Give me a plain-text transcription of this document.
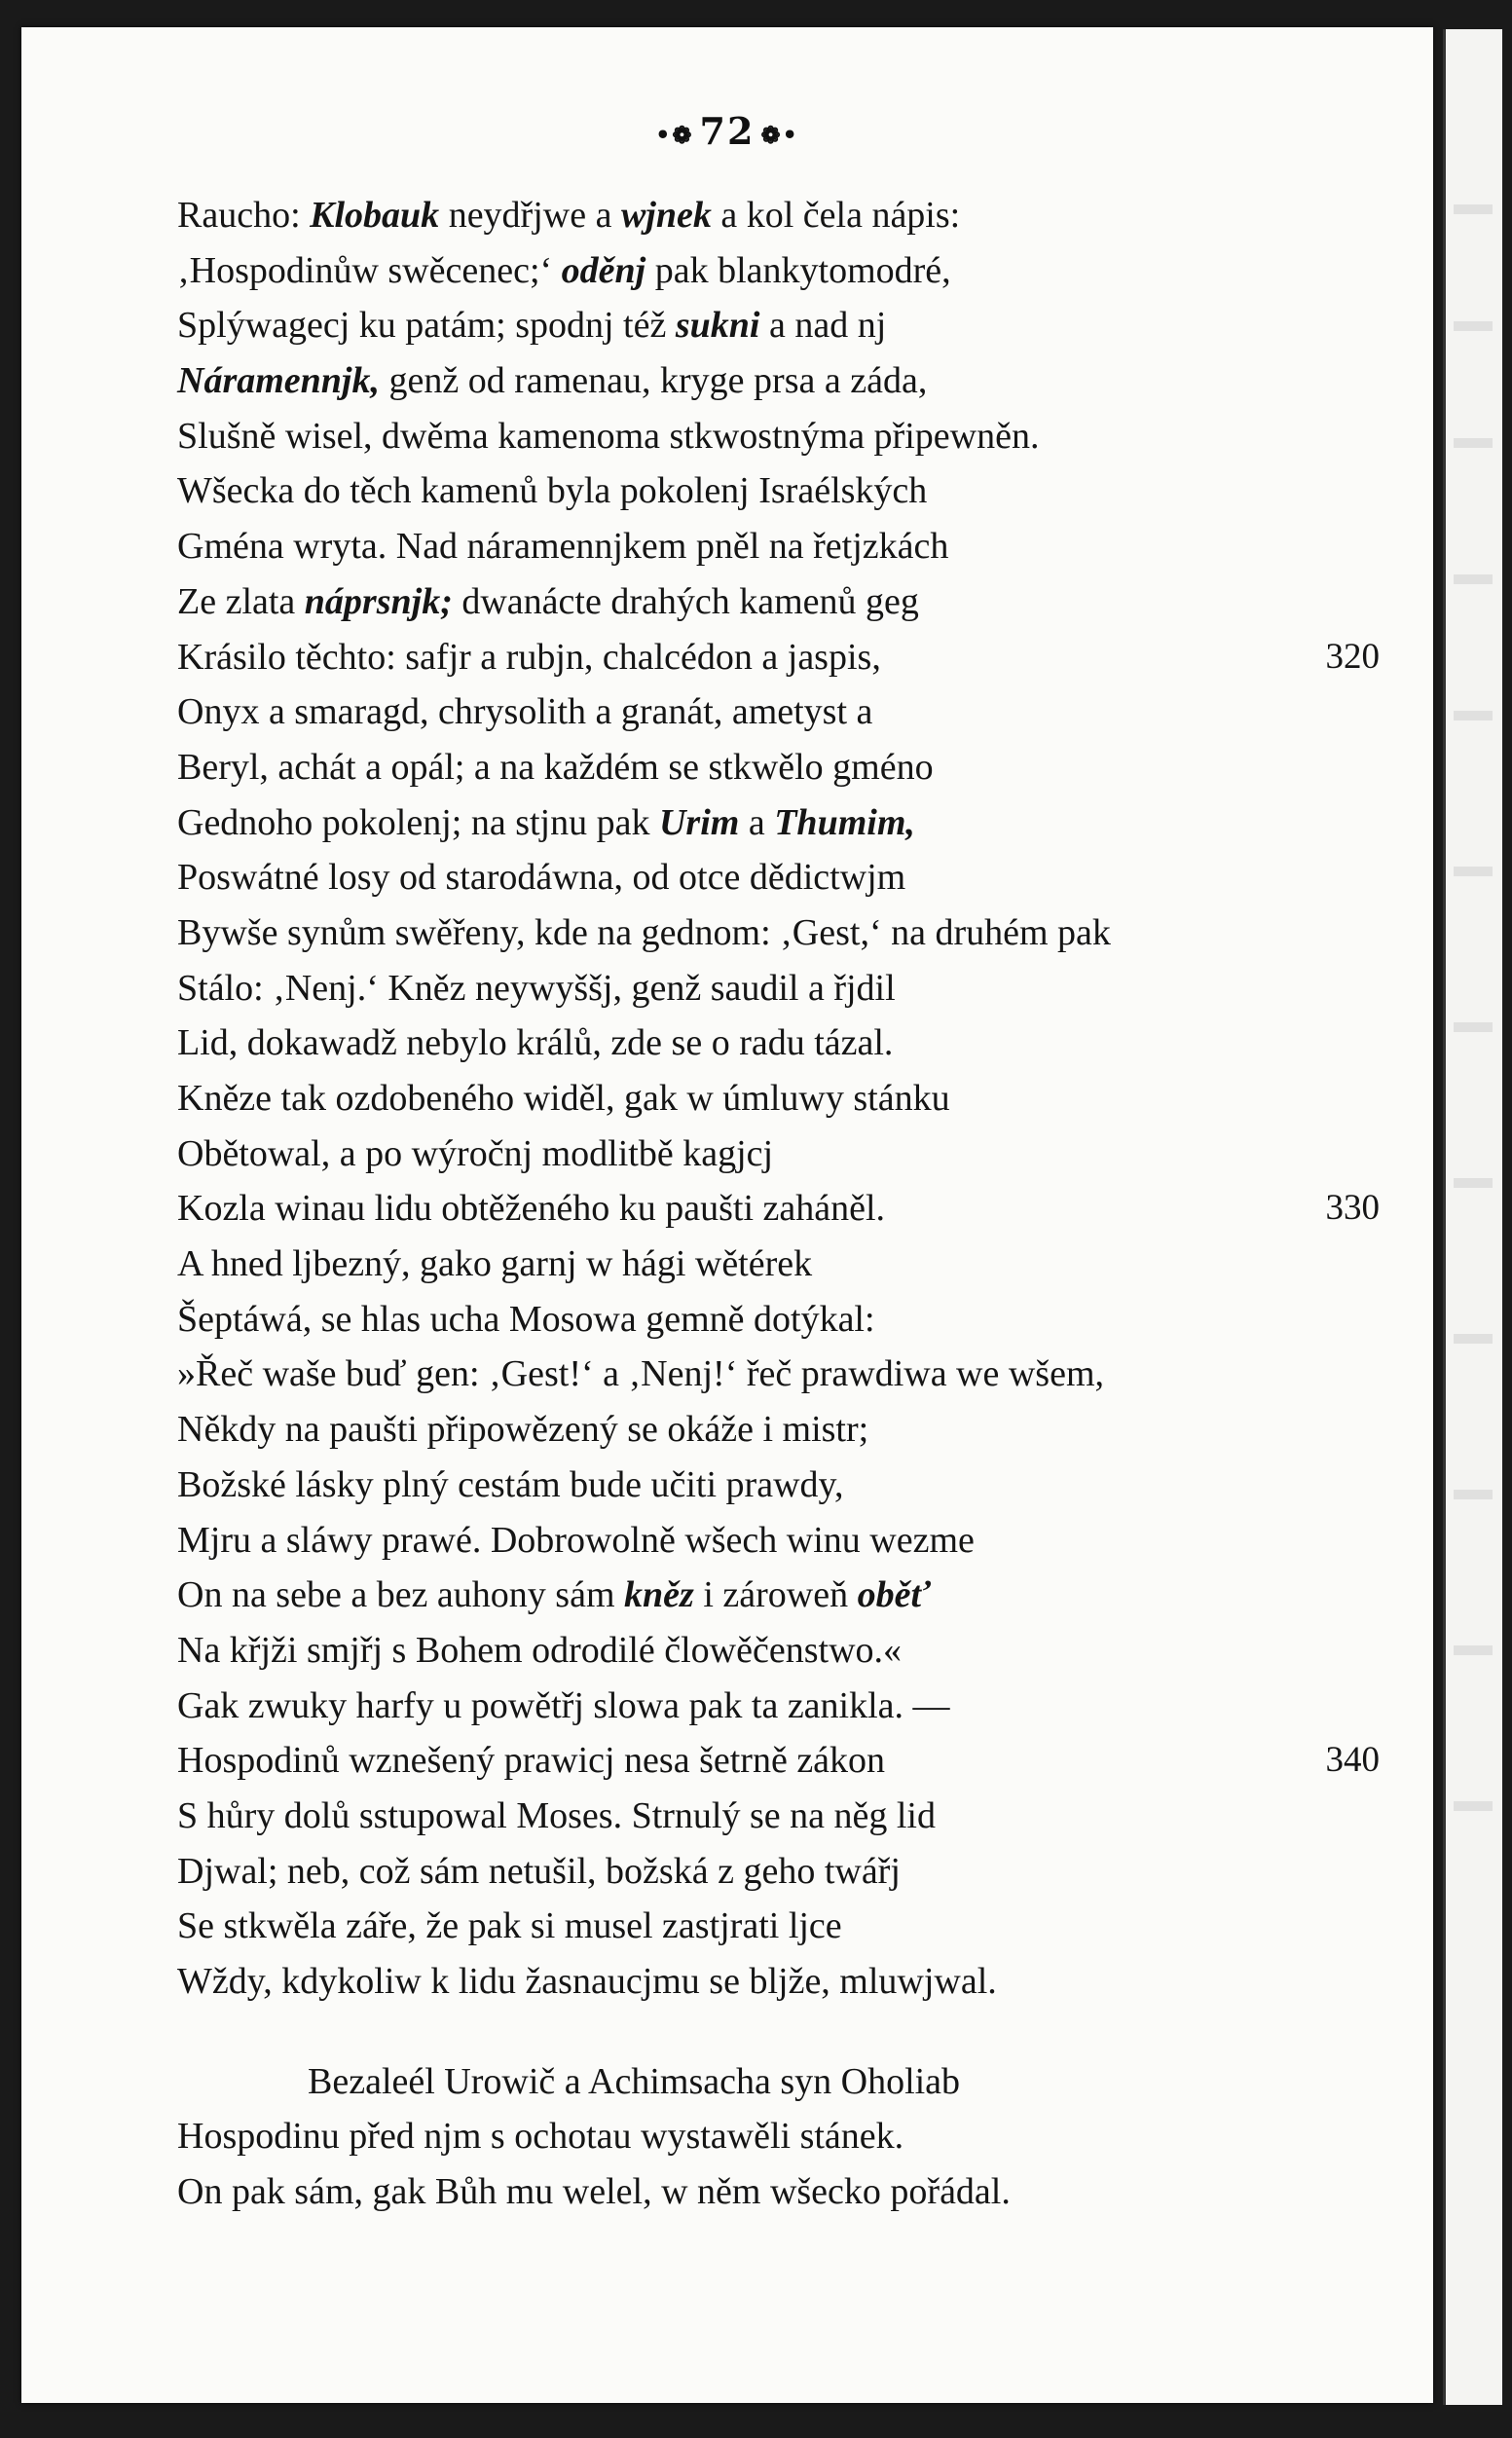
•❁ 72 ❁•
Raucho: Klobauk neydřjwe a wjnek a kol čela nápis:
‚Hospodinůw swěcenec;‘ oděnj pak blankytomodré,
Splýwagecj ku patám; spodnj též sukni a nad nj
Náramennjk, genž od ramenau, kryge prsa a záda,
Slušně wisel, dwěma kamenoma stkwostnýma připewněn.
Wšecka do těch kamenů byla pokolenj Israélských
Gména wryta. Nad náramennjkem pněl na řetjzkách
Ze zlata náprsnjk; dwanácte drahých kamenů geg
Krásilo těchto: safjr a rubjn, chalcédon a jaspis,	320
Onyx a smaragd, chrysolith a granát, ametyst a
Beryl, achát a opál; a na každém se stkwělo gméno
Gednoho pokolenj; na stjnu pak Urim a Thumim,
Poswátné losy od starodáwna, od otce dědictwjm
Bywše synům swěřeny, kde na gednom: ‚Gest,‘ na druhém pak
Stálo: ‚Nenj.‘ Kněz neywyššj, genž saudil a řjdil
Lid, dokawadž nebylo králů, zde se o radu tázal.
Kněze tak ozdobeného widěl, gak w úmluwy stánku
Obětowal, a po wýročnj modlitbě kagjcj
Kozla winau lidu obtěženého ku paušti zaháněl.	330
A hned ljbezný, gako garnj w hági wětérek
Šeptáwá, se hlas ucha Mosowa gemně dotýkal:
»Řeč waše buď gen: ‚Gest!‘ a ‚Nenj!‘ řeč prawdiwa we wšem,
Někdy na paušti připowězený se okáže i mistr;
Božské lásky plný cestám bude učiti prawdy,
Mjru a sláwy prawé. Dobrowolně wšech winu wezme
On na sebe a bez auhony sám kněz i zároweň oběť
Na křjži smjřj s Bohem odrodilé člowěčenstwo.«
Gak zwuky harfy u powětřj slowa pak ta zanikla. —
Hospodinů wznešený prawicj nesa šetrně zákon	340
S hůry dolů sstupowal Moses. Strnulý se na něg lid
Djwal; neb, což sám netušil, božská z geho twářj
Se stkwěla záře, že pak si musel zastjrati ljce
Wždy, kdykoliw k lidu žasnaucjmu se bljže, mluwjwal.
Bezaleél Urowič a Achimsacha syn Oholiab
Hospodinu před njm s ochotau wystawěli stánek.
On pak sám, gak Bůh mu welel, w něm wšecko pořádal.
